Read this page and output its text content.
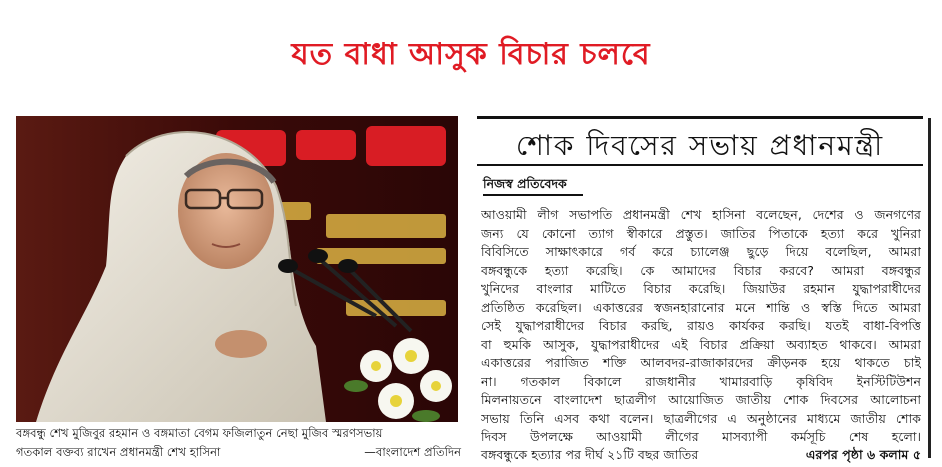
যত বাধা আসুক বিচার চলবে
বঙ্গবন্ধু শেখ মুজিবুর রহমান ও বঙ্গমাতা বেগম ফজিলাতুন নেছা মুজিব স্মরণসভায়
গতকাল বক্তব্য রাখেন প্রধানমন্ত্রী শেখ হাসিনা	—বাংলাদেশ প্রতিদিন
শোক দিবসের সভায় প্রধানমন্ত্রী
নিজস্ব প্রতিবেদক
আওয়ামী লীগ সভাপতি প্রধানমন্ত্রী শেখ হাসিনা বলেছেন, দেশের ও জনগণের
জন্য যে কোনো ত্যাগ স্বীকারে প্রস্তুত। জাতির পিতাকে হত্যা করে খুনিরা
বিবিসিতে সাক্ষাৎকারে গর্ব করে চ্যালেঞ্জ ছুড়ে দিয়ে বলেছিল, আমরা
বঙ্গবন্ধুকে হত্যা করেছি। কে আমাদের বিচার করবে? আমরা বঙ্গবন্ধুর
খুনিদের বাংলার মাটিতে বিচার করেছি। জিয়াউর রহমান যুদ্ধাপরাধীদের
প্রতিষ্ঠিত করেছিল। একাত্তরের স্বজনহারানোর মনে শান্তি ও স্বস্তি দিতে আমরা
সেই যুদ্ধাপরাধীদের বিচার করছি, রায়ও কার্যকর করছি। যতই বাধা-বিপত্তি
বা হুমকি আসুক, যুদ্ধাপরাধীদের এই বিচার প্রক্রিয়া অব্যাহত থাকবে। আমরা
একাত্তরের পরাজিত শক্তি আলবদর-রাজাকারদের ক্রীড়নক হয়ে থাকতে চাই
না। গতকাল বিকালে রাজধানীর খামারবাড়ি কৃষিবিদ ইনস্টিটিউশন
মিলনায়তনে বাংলাদেশ ছাত্রলীগ আয়োজিত জাতীয় শোক দিবসের আলোচনা
সভায় তিনি এসব কথা বলেন। ছাত্রলীগের এ অনুষ্ঠানের মাধ্যমে জাতীয় শোক
দিবস উপলক্ষে আওয়ামী লীগের মাসব্যাপী কর্মসূচি শেষ হলো।
বঙ্গবন্ধুকে হত্যার পর দীর্ঘ ২১টি বছর জাতির	এরপর পৃষ্ঠা ৬ কলাম ৫
